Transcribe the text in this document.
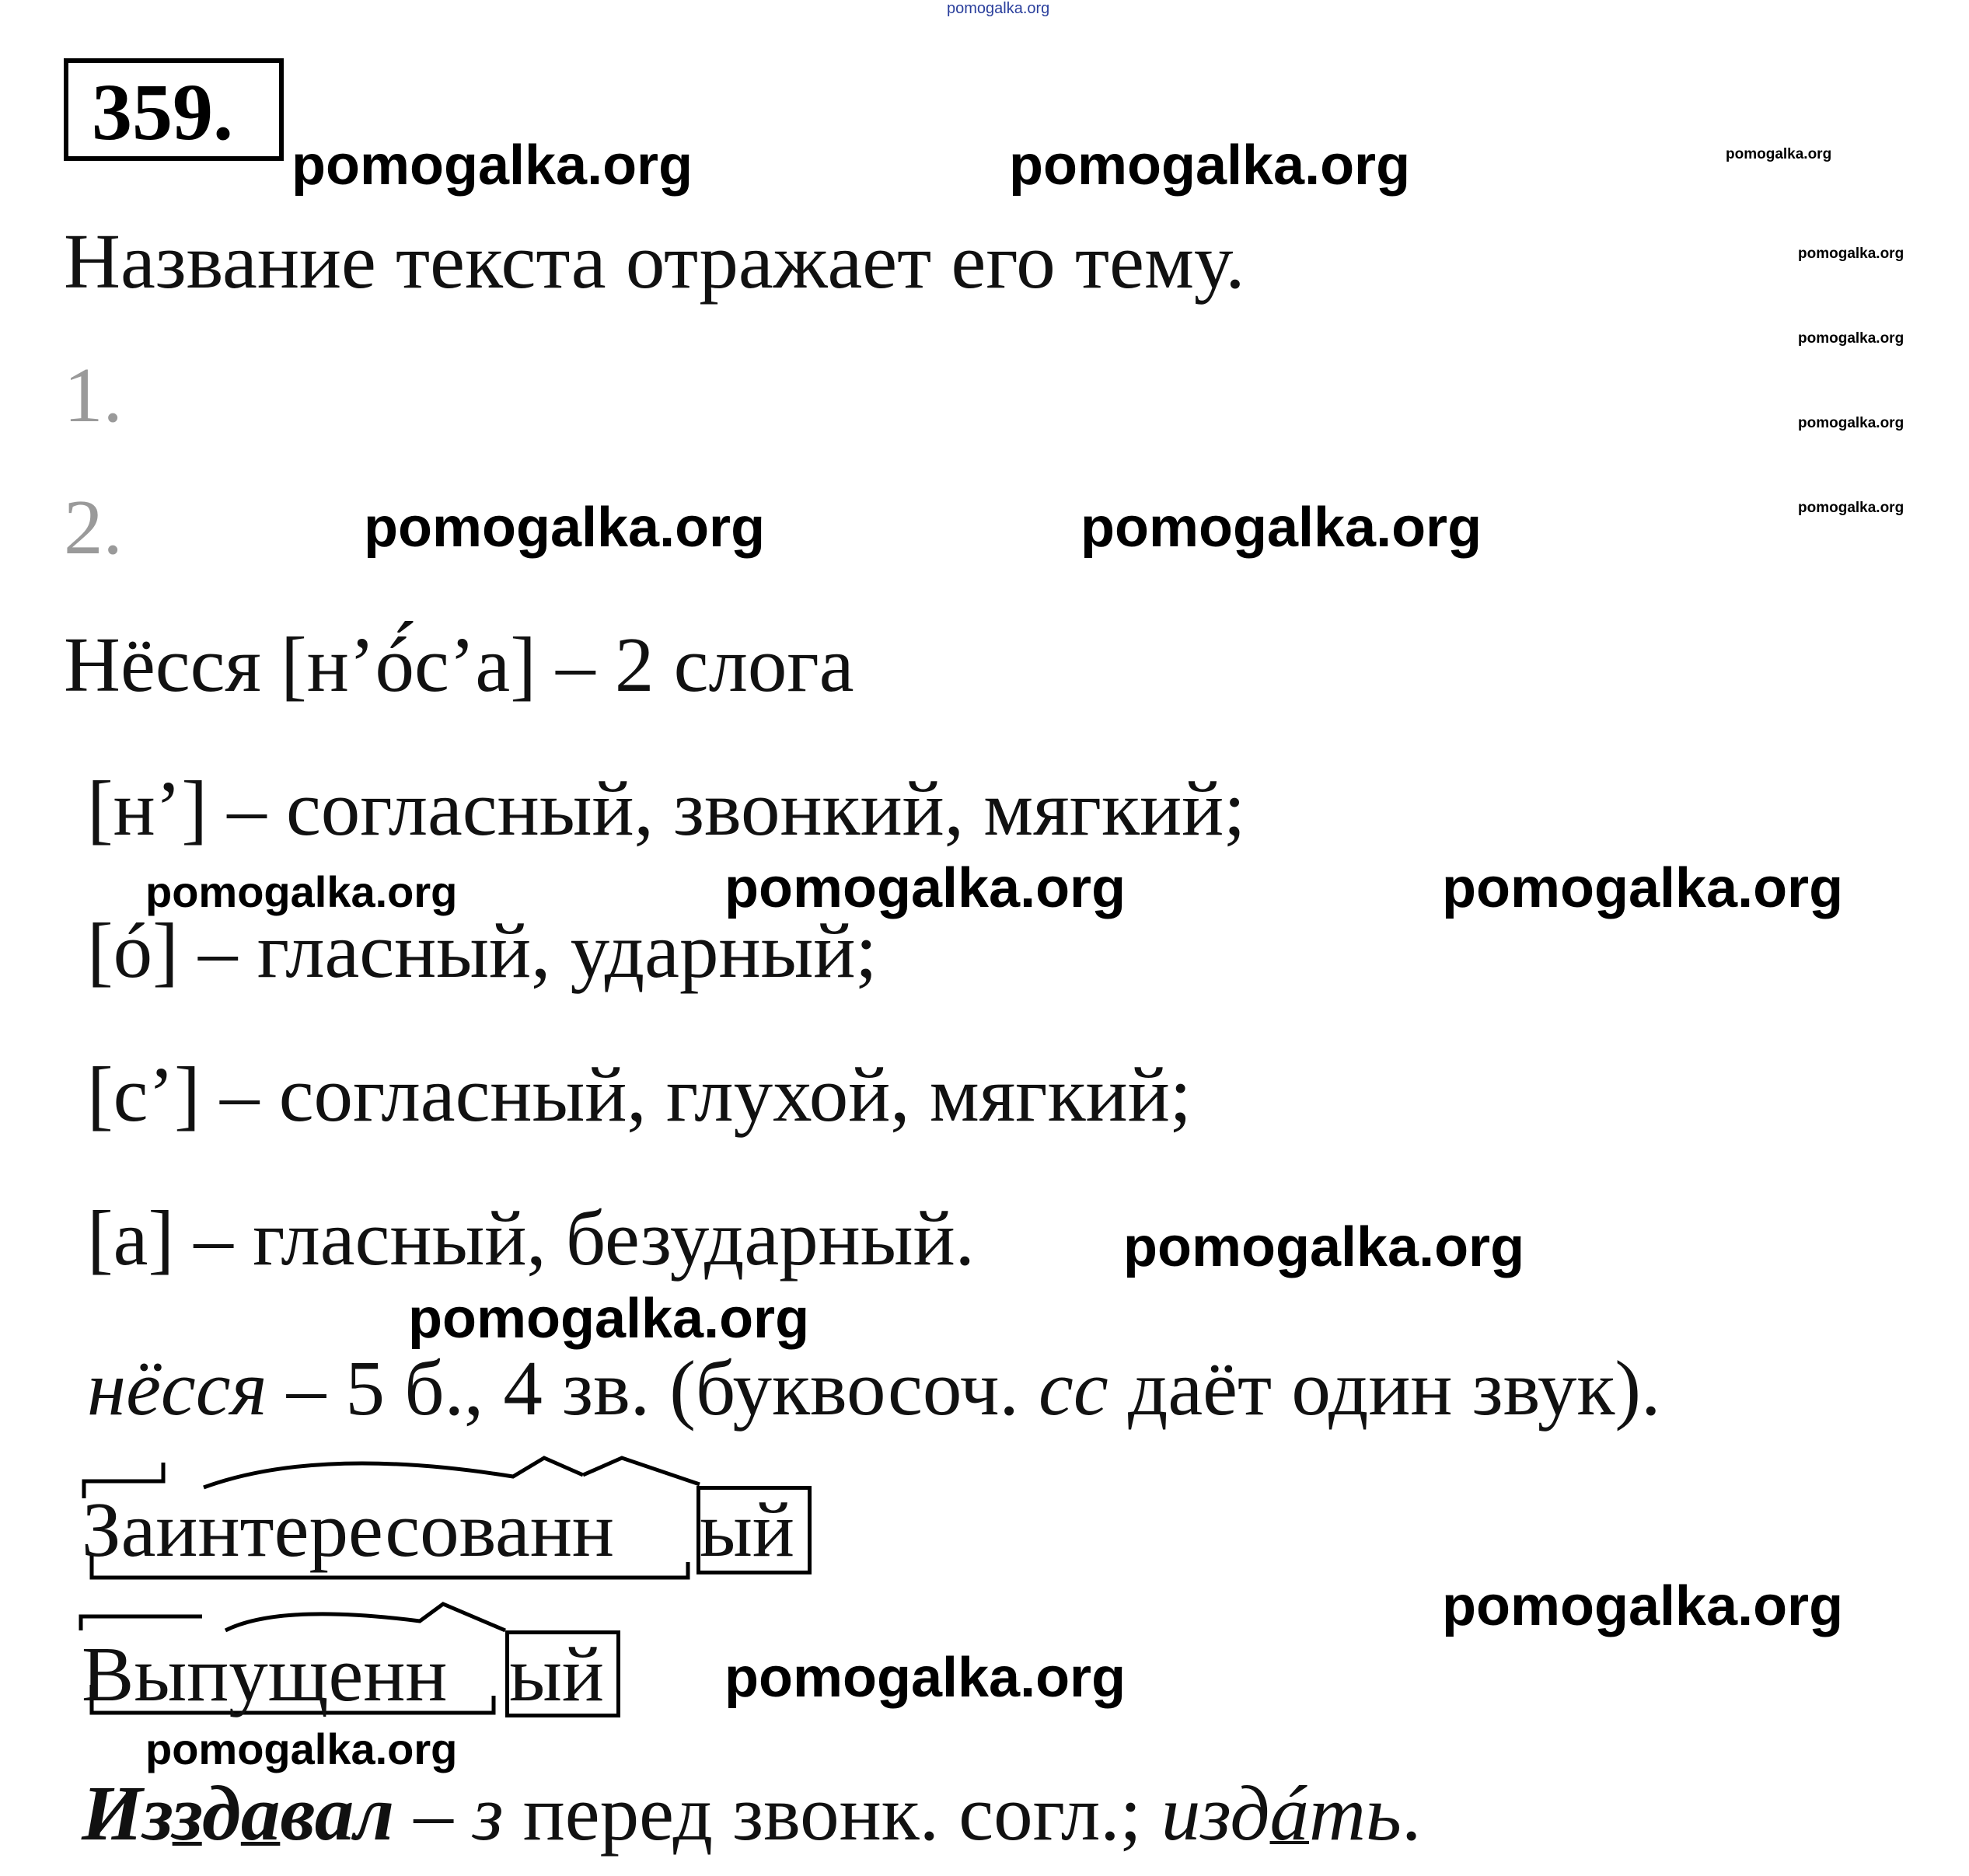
pomogalka.org
359.
pomogalka.org	pomogalka.org	pomogalka.org
pomogalka.org
pomogalka.org
pomogalka.org
pomogalka.org
pomogalka.org	pomogalka.org
pomogalka.org	pomogalka.org	pomogalka.org
pomogalka.org
pomogalka.org
pomogalka.org
pomogalka.org
pomogalka.org
Название текста отражает его тему.
1.
2.
Нёсся [н’ó́с’а] – 2 слога
[н’] – согласный, звонкий, мягкий;
[ó] – гласный, ударный;
[с’] – согласный, глухой, мягкий;
[а] – гласный, безударный.
нёсся – 5 б., 4 зв. (буквосоч. сс даёт один звук).
Заинтересованн ый
Выпущенн ый
Изздавал – з перед звонк. согл.; издáть.
